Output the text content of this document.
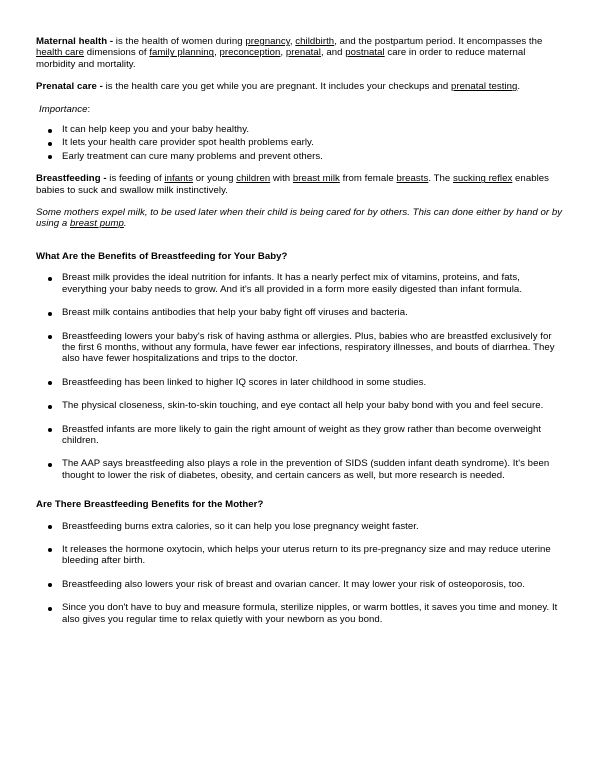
Maternal health - is the health of women during pregnancy, childbirth, and the postpartum period. It encompasses the health care dimensions of family planning, preconception, prenatal, and postnatal care in order to reduce maternal morbidity and mortality.

Prenatal care - is the health care you get while you are pregnant. It includes your checkups and prenatal testing.

Importance:

It can help keep you and your baby healthy.
It lets your health care provider spot health problems early.
Early treatment can cure many problems and prevent others.

Breastfeeding - is feeding of infants or young children with breast milk from female breasts. The sucking reflex enables babies to suck and swallow milk instinctively.

Some mothers expel milk, to be used later when their child is being cared for by others. This can done either by hand or by using a breast pump.

What Are the Benefits of Breastfeeding for Your Baby?

Breast milk provides the ideal nutrition for infants. It has a nearly perfect mix of vitamins, proteins, and fats, everything your baby needs to grow. And it's all provided in a form more easily digested than infant formula.
Breast milk contains antibodies that help your baby fight off viruses and bacteria.
Breastfeeding lowers your baby's risk of having asthma or allergies. Plus, babies who are breastfed exclusively for the first 6 months, without any formula, have fewer ear infections, respiratory illnesses, and bouts of diarrhea. They also have fewer hospitalizations and trips to the doctor.
Breastfeeding has been linked to higher IQ scores in later childhood in some studies.
The physical closeness, skin-to-skin touching, and eye contact all help your baby bond with you and feel secure.
Breastfed infants are more likely to gain the right amount of weight as they grow rather than become overweight children.
The AAP says breastfeeding also plays a role in the prevention of SIDS (sudden infant death syndrome). It's been thought to lower the risk of diabetes, obesity, and certain cancers as well, but more research is needed.

Are There Breastfeeding Benefits for the Mother?

Breastfeeding burns extra calories, so it can help you lose pregnancy weight faster.
It releases the hormone oxytocin, which helps your uterus return to its pre-pregnancy size and may reduce uterine bleeding after birth.
Breastfeeding also lowers your risk of breast and ovarian cancer. It may lower your risk of osteoporosis, too.
Since you don't have to buy and measure formula, sterilize nipples, or warm bottles, it saves you time and money. It also gives you regular time to relax quietly with your newborn as you bond.
